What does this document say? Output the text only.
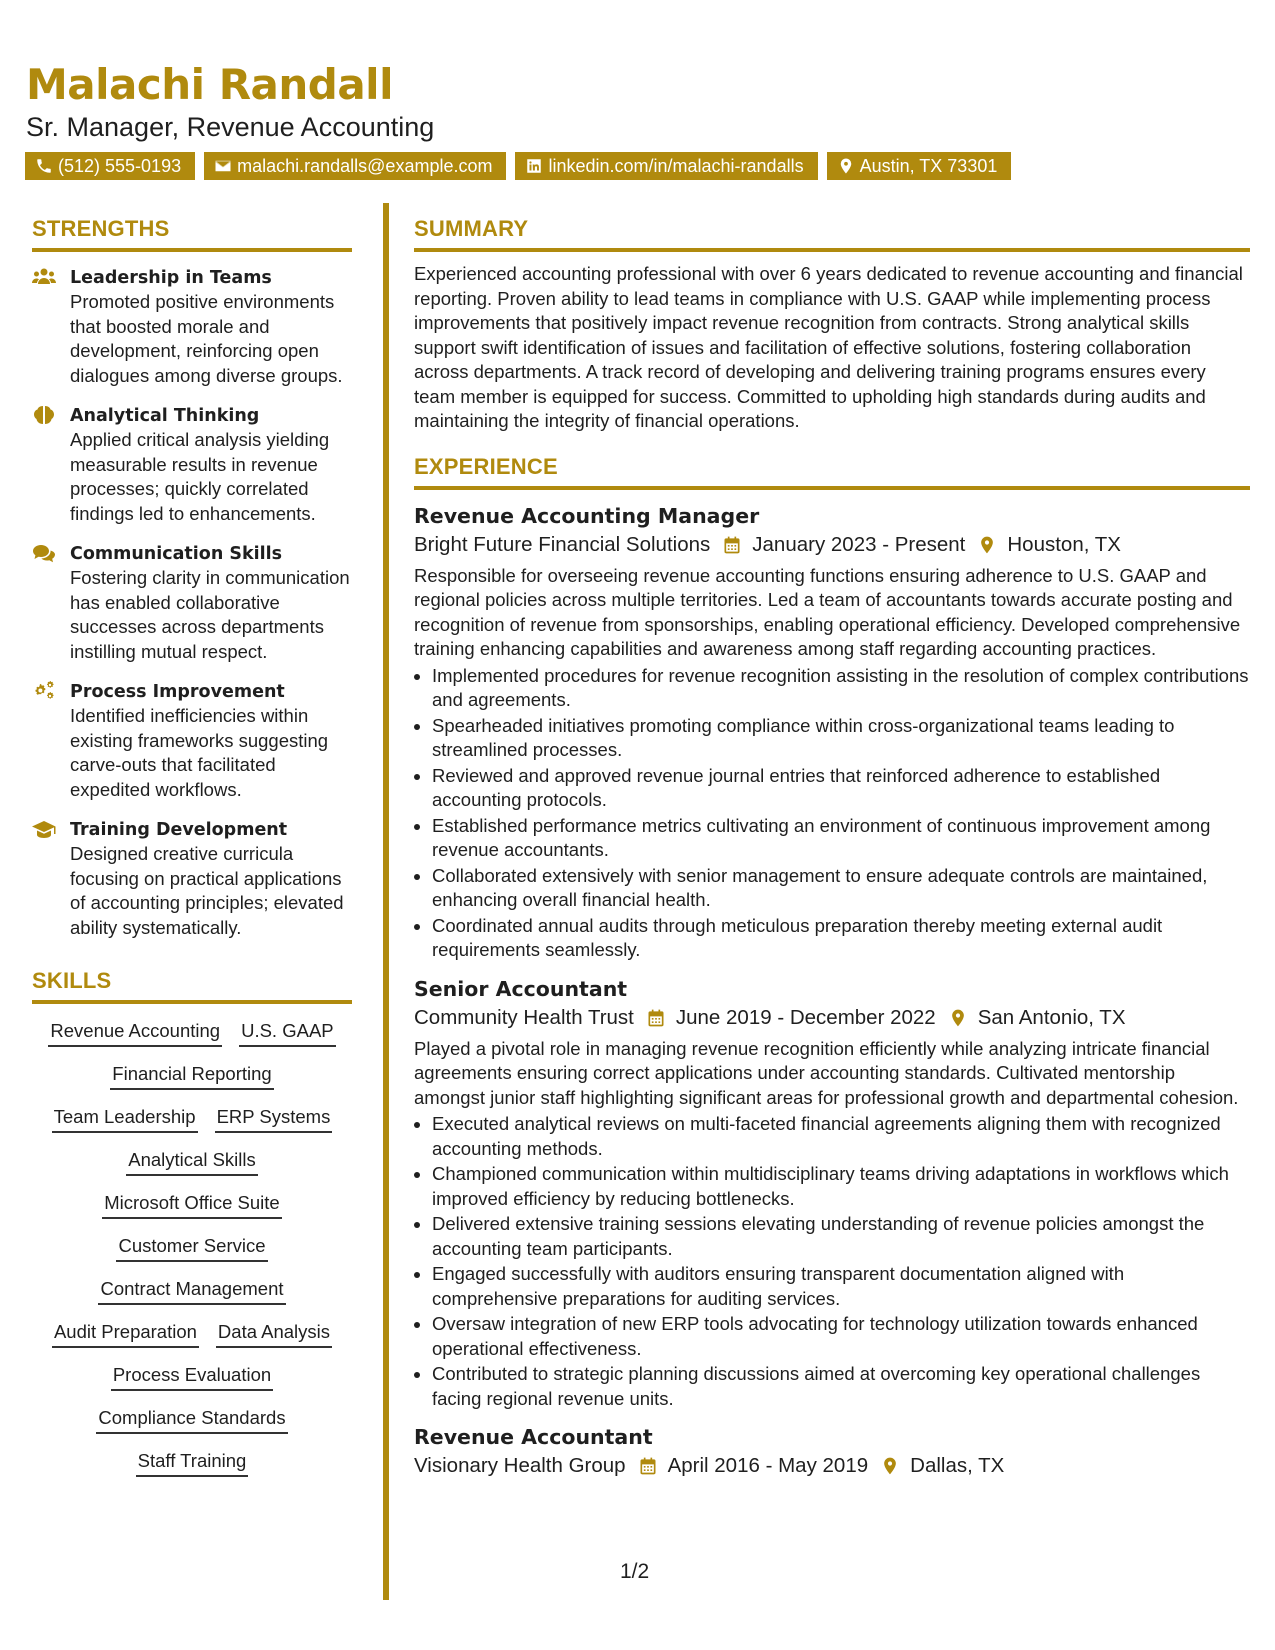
Malachi Randall
Sr. Manager, Revenue Accounting
(512) 555-0193	malachi.randalls@example.com	linkedin.com/in/malachi-randalls	Austin, TX 73301
STRENGTHS
Leadership in Teams
Promoted positive environments that boosted morale and development, reinforcing open dialogues among diverse groups.
Analytical Thinking
Applied critical analysis yielding measurable results in revenue processes; quickly correlated findings led to enhancements.
Communication Skills
Fostering clarity in communication has enabled collaborative successes across departments instilling mutual respect.
Process Improvement
Identified inefficiencies within existing frameworks suggesting carve-outs that facilitated expedited workflows.
Training Development
Designed creative curricula focusing on practical applications of accounting principles; elevated ability systematically.
SKILLS
Revenue Accounting U.S. GAAP
Financial Reporting
Team Leadership ERP Systems
Analytical Skills
Microsoft Office Suite
Customer Service
Contract Management
Audit Preparation Data Analysis
Process Evaluation
Compliance Standards
Staff Training
SUMMARY

Experienced accounting professional with over 6 years dedicated to revenue accounting and financial reporting. Proven ability to lead teams in compliance with U.S. GAAP while implementing process improvements that positively impact revenue recognition from contracts. Strong analytical skills support swift identification of issues and facilitation of effective solutions, fostering collaboration across departments. A track record of developing and delivering training programs ensures every team member is equipped for success. Committed to upholding high standards during audits and maintaining the integrity of financial operations.

EXPERIENCE
Revenue Accounting Manager
Bright Future Financial Solutions January 2023 - Present Houston, TX

Responsible for overseeing revenue accounting functions ensuring adherence to U.S. GAAP and regional policies across multiple territories. Led a team of accountants towards accurate posting and recognition of revenue from sponsorships, enabling operational efficiency. Developed comprehensive training enhancing capabilities and awareness among staff regarding accounting practices.

• Implemented procedures for revenue recognition assisting in the resolution of complex contributions and agreements.
• Spearheaded initiatives promoting compliance within cross-organizational teams leading to streamlined processes.
• Reviewed and approved revenue journal entries that reinforced adherence to established accounting protocols.
• Established performance metrics cultivating an environment of continuous improvement among revenue accountants.
• Collaborated extensively with senior management to ensure adequate controls are maintained, enhancing overall financial health.
• Coordinated annual audits through meticulous preparation thereby meeting external audit requirements seamlessly.
Senior Accountant
Community Health Trust June 2019 - December 2022 San Antonio, TX

Played a pivotal role in managing revenue recognition efficiently while analyzing intricate financial agreements ensuring correct applications under accounting standards. Cultivated mentorship amongst junior staff highlighting significant areas for professional growth and departmental cohesion.

• Executed analytical reviews on multi-faceted financial agreements aligning them with recognized accounting methods.
• Championed communication within multidisciplinary teams driving adaptations in workflows which improved efficiency by reducing bottlenecks.
• Delivered extensive training sessions elevating understanding of revenue policies amongst the accounting team participants.
• Engaged successfully with auditors ensuring transparent documentation aligned with comprehensive preparations for auditing services.
• Oversaw integration of new ERP tools advocating for technology utilization towards enhanced operational effectiveness.
• Contributed to strategic planning discussions aimed at overcoming key operational challenges facing regional revenue units.
Revenue Accountant
Visionary Health Group April 2016 - May 2019 Dallas, TX
1/2
